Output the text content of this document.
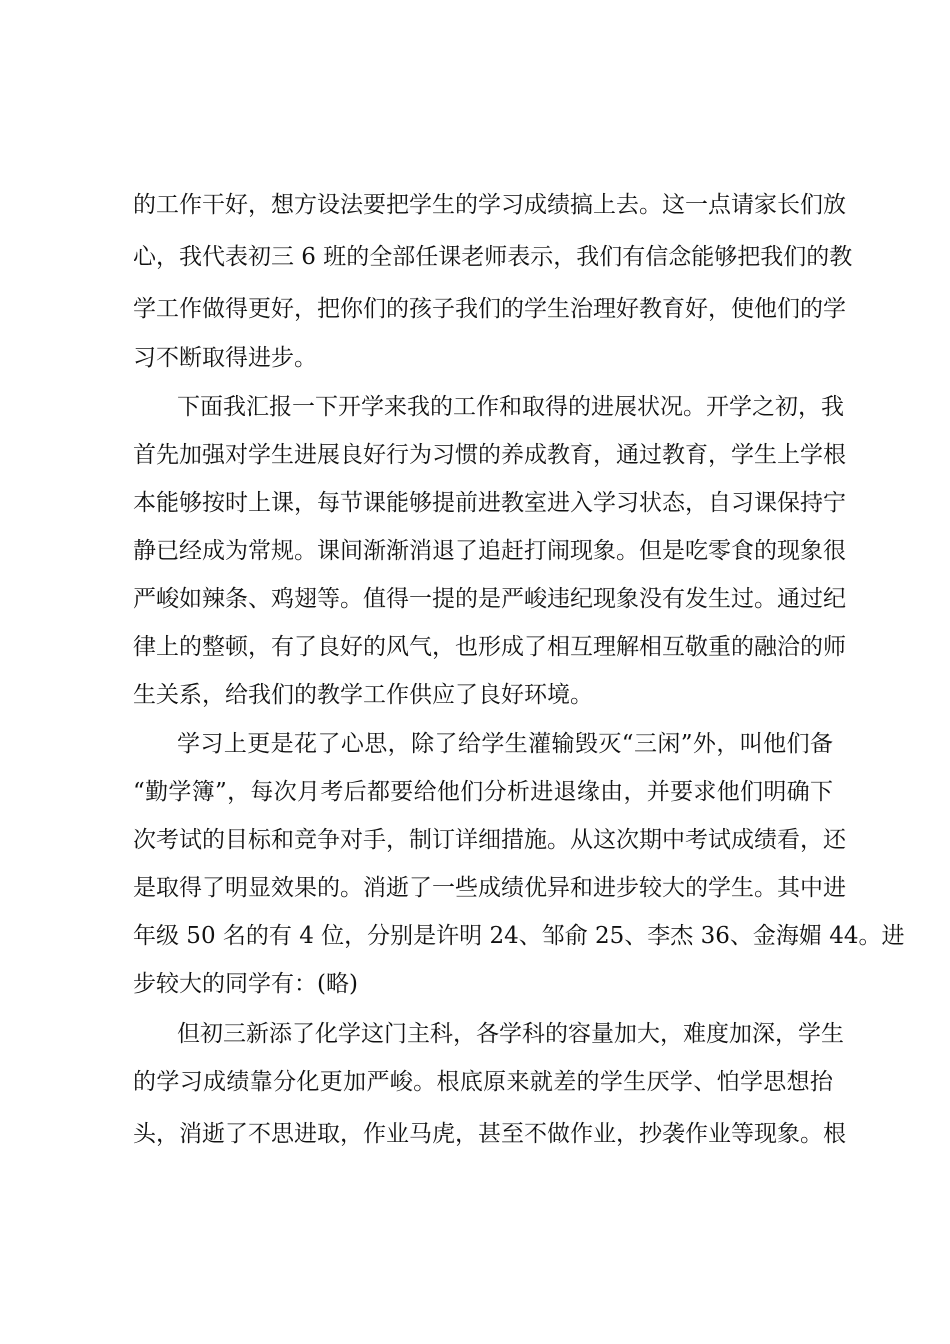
的工作干好，想方设法要把学生的学习成绩搞上去。这一点请家长们放
心，我代表初三 6 班的全部任课老师表示，我们有信念能够把我们的教
学工作做得更好，把你们的孩子我们的学生治理好教育好，使他们的学
习不断取得进步。
下面我汇报一下开学来我的工作和取得的进展状况。开学之初，我
首先加强对学生进展良好行为习惯的养成教育，通过教育，学生上学根
本能够按时上课，每节课能够提前进教室进入学习状态，自习课保持宁
静已经成为常规。课间渐渐消退了追赶打闹现象。但是吃零食的现象很
严峻如辣条、鸡翅等。值得一提的是严峻违纪现象没有发生过。通过纪
律上的整顿，有了良好的风气，也形成了相互理解相互敬重的融洽的师
生关系，给我们的教学工作供应了良好环境。
学习上更是花了心思，除了给学生灌输毁灭“三闲”外，叫他们备
“勤学簿”，每次月考后都要给他们分析进退缘由，并要求他们明确下
次考试的目标和竞争对手，制订详细措施。从这次期中考试成绩看，还
是取得了明显效果的。消逝了一些成绩优异和进步较大的学生。其中进
年级 50 名的有 4 位，分别是许明 24、邹俞 25、李杰 36、金海媚 44。进
步较大的同学有：(略)
但初三新添了化学这门主科，各学科的容量加大，难度加深，学生
的学习成绩靠分化更加严峻。根底原来就差的学生厌学、怕学思想抬
头，消逝了不思进取，作业马虎，甚至不做作业，抄袭作业等现象。根
